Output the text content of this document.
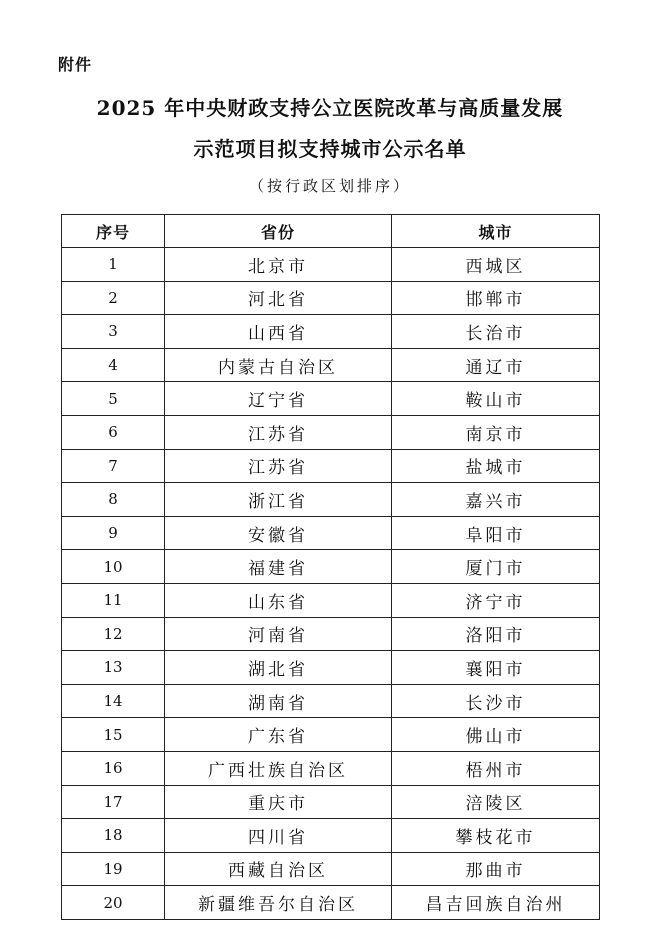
附件
2025 年中央财政支持公立医院改革与高质量发展
示范项目拟支持城市公示名单
（按行政区划排序）
序号	省份	城市
1	北京市	西城区
2	河北省	邯郸市
3	山西省	长治市
4	内蒙古自治区	通辽市
5	辽宁省	鞍山市
6	江苏省	南京市
7	江苏省	盐城市
8	浙江省	嘉兴市
9	安徽省	阜阳市
10	福建省	厦门市
11	山东省	济宁市
12	河南省	洛阳市
13	湖北省	襄阳市
14	湖南省	长沙市
15	广东省	佛山市
16	广西壮族自治区	梧州市
17	重庆市	涪陵区
18	四川省	攀枝花市
19	西藏自治区	那曲市
20	新疆维吾尔自治区	昌吉回族自治州
